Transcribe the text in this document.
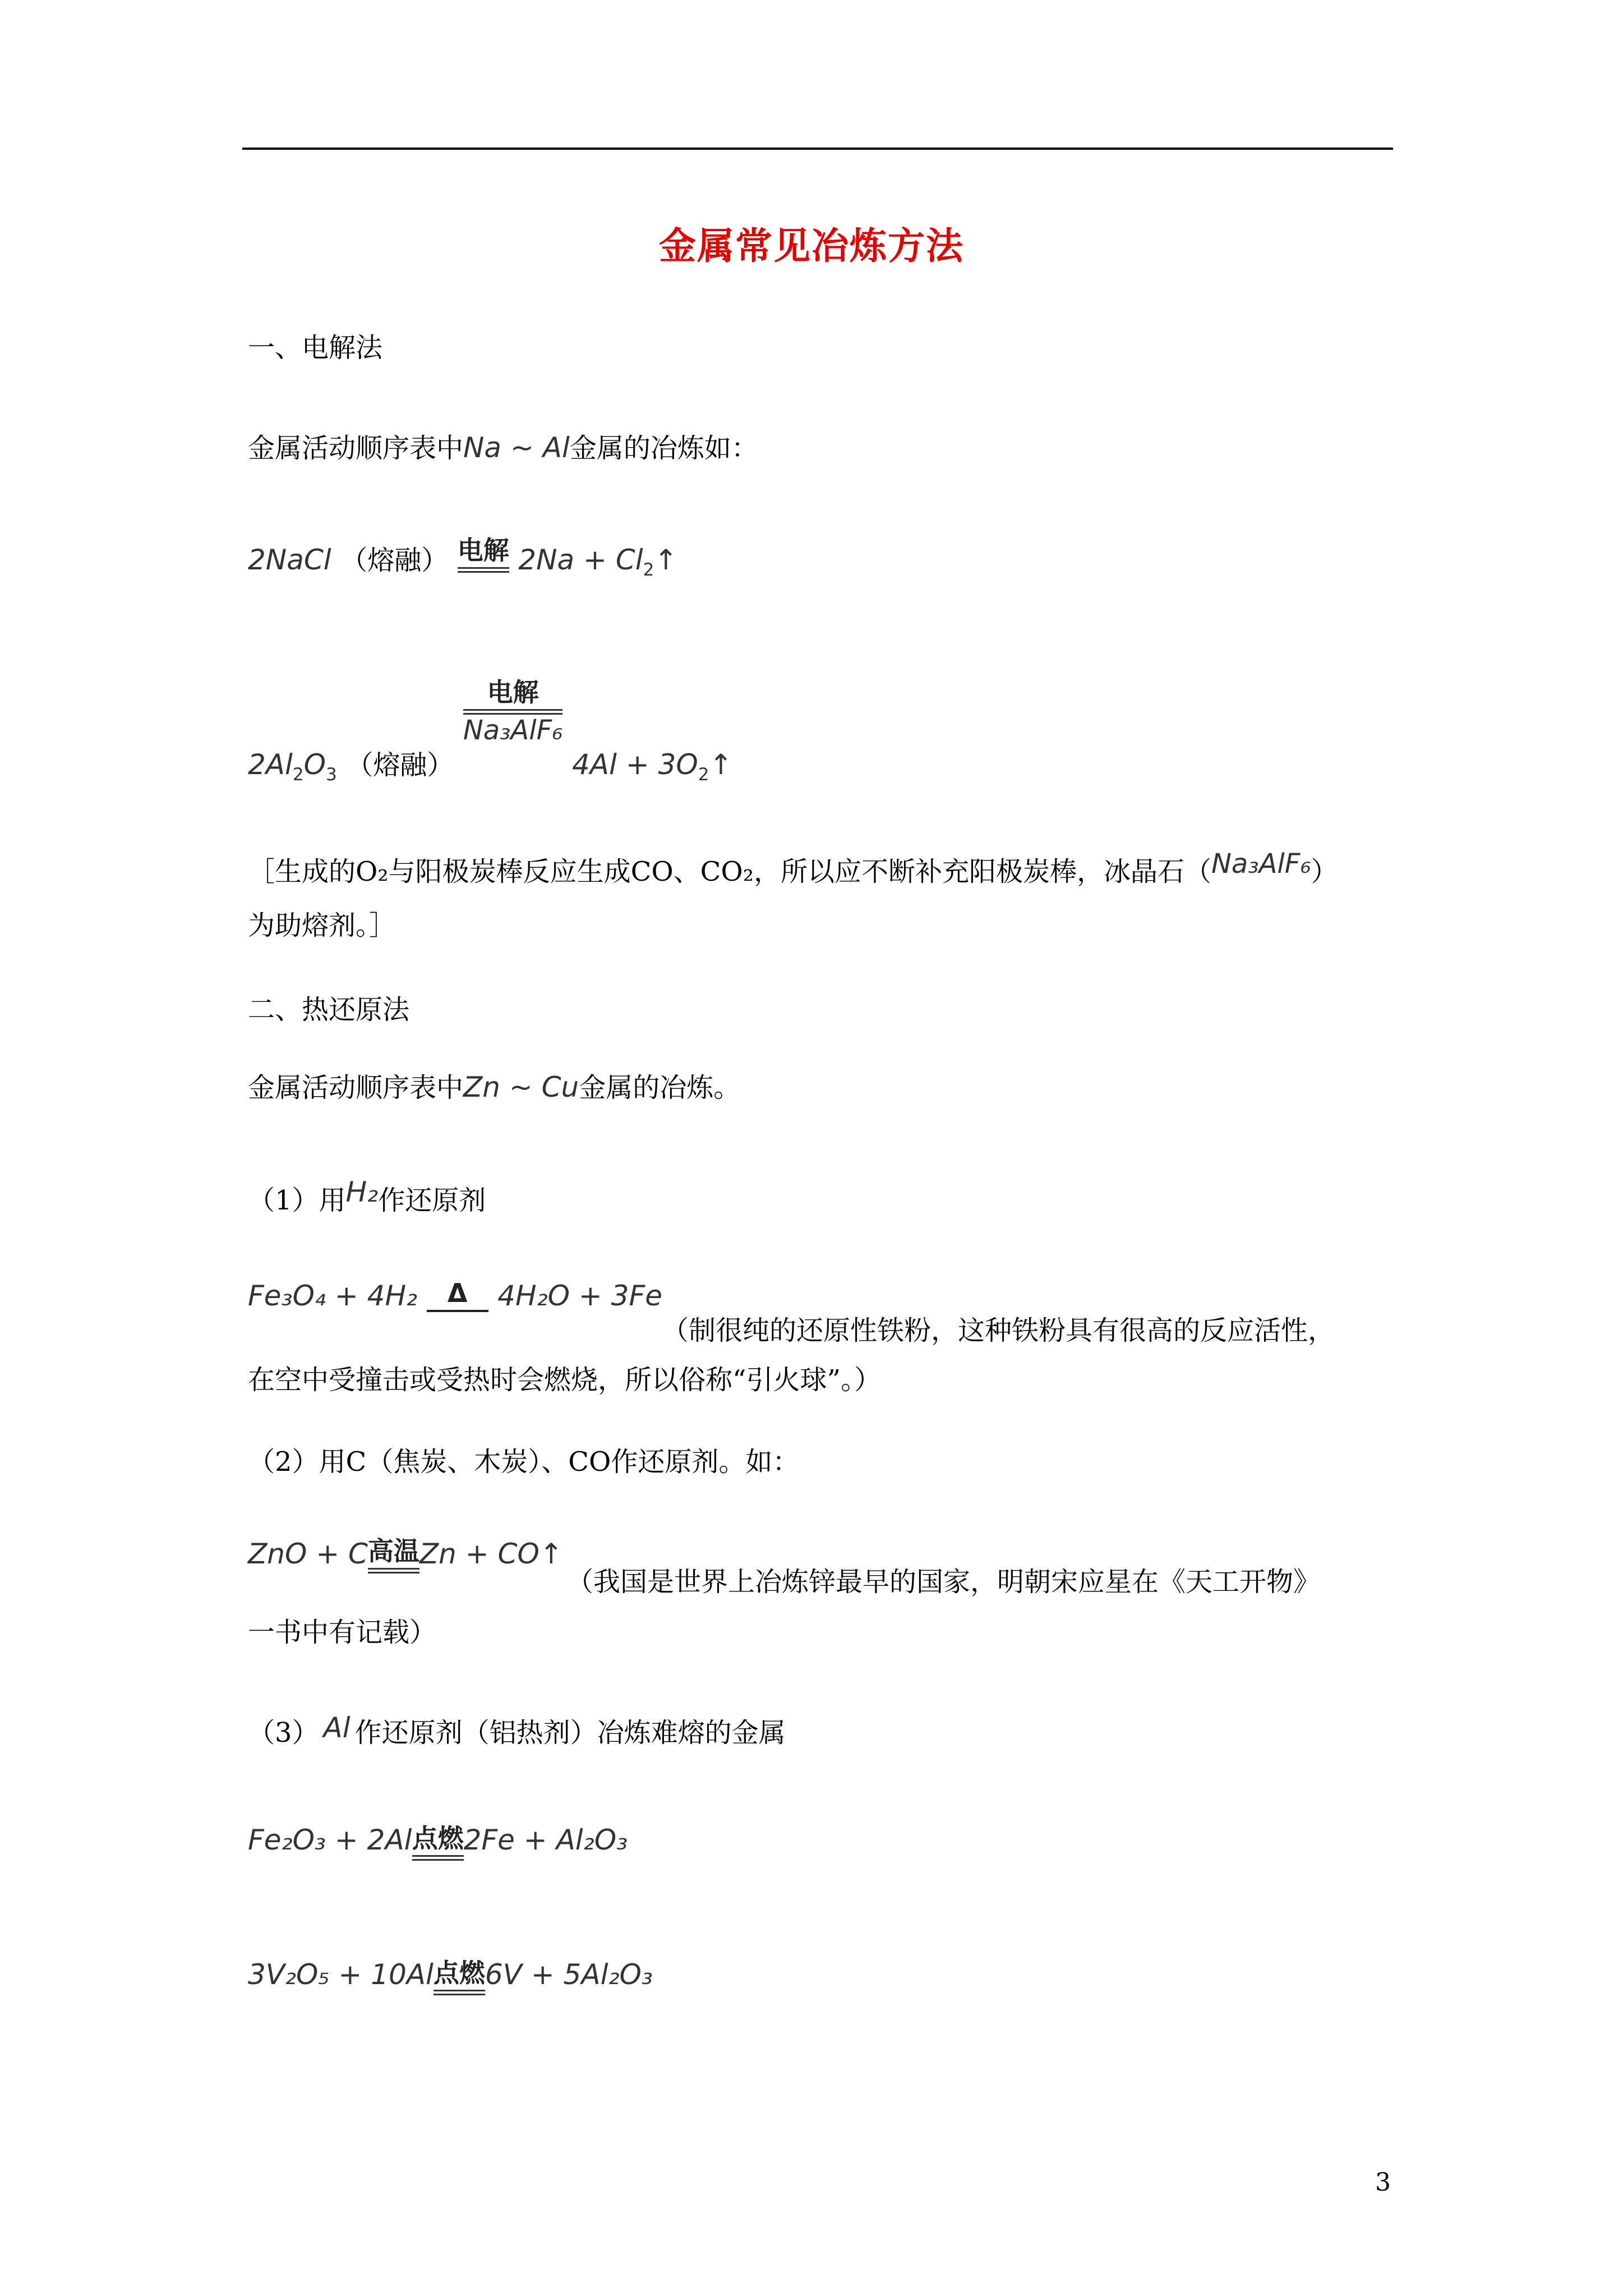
金属常见冶炼方法
一、电解法
金属活动顺序表中Na ~ Al金属的冶炼如：
2NaCl （熔融） 电解 $2Na + Cl_2↑$
$2Al_2O_3$ （熔融）
电解
Na₃AlF₆
$4Al + 3O_2↑$
［生成的O₂与阳极炭棒反应生成CO、CO₂，所以应不断补充阳极炭棒，冰晶石（Na₃AlF₆）
为助熔剂。］
二、热还原法
金属活动顺序表中Zn ~ Cu金属的冶炼。
（1）用H₂作还原剂
Fe₃O₄ + 4H₂	Δ	4H₂O + 3Fe
（制很纯的还原性铁粉，这种铁粉具有很高的反应活性，
在空中受撞击或受热时会燃烧，所以俗称“引火球”。）
（2）用C（焦炭、木炭）、CO作还原剂。如：
ZnO + C 高温 Zn + CO↑
（我国是世界上冶炼锌最早的国家，明朝宋应星在《天工开物》
一书中有记载）
（3） Al 作还原剂（铝热剂）冶炼难熔的金属
Fe₂O₃ + 2Al 点燃 2Fe + Al₂O₃
3V₂O₅ + 10Al 点燃 6V + 5Al₂O₃
3
